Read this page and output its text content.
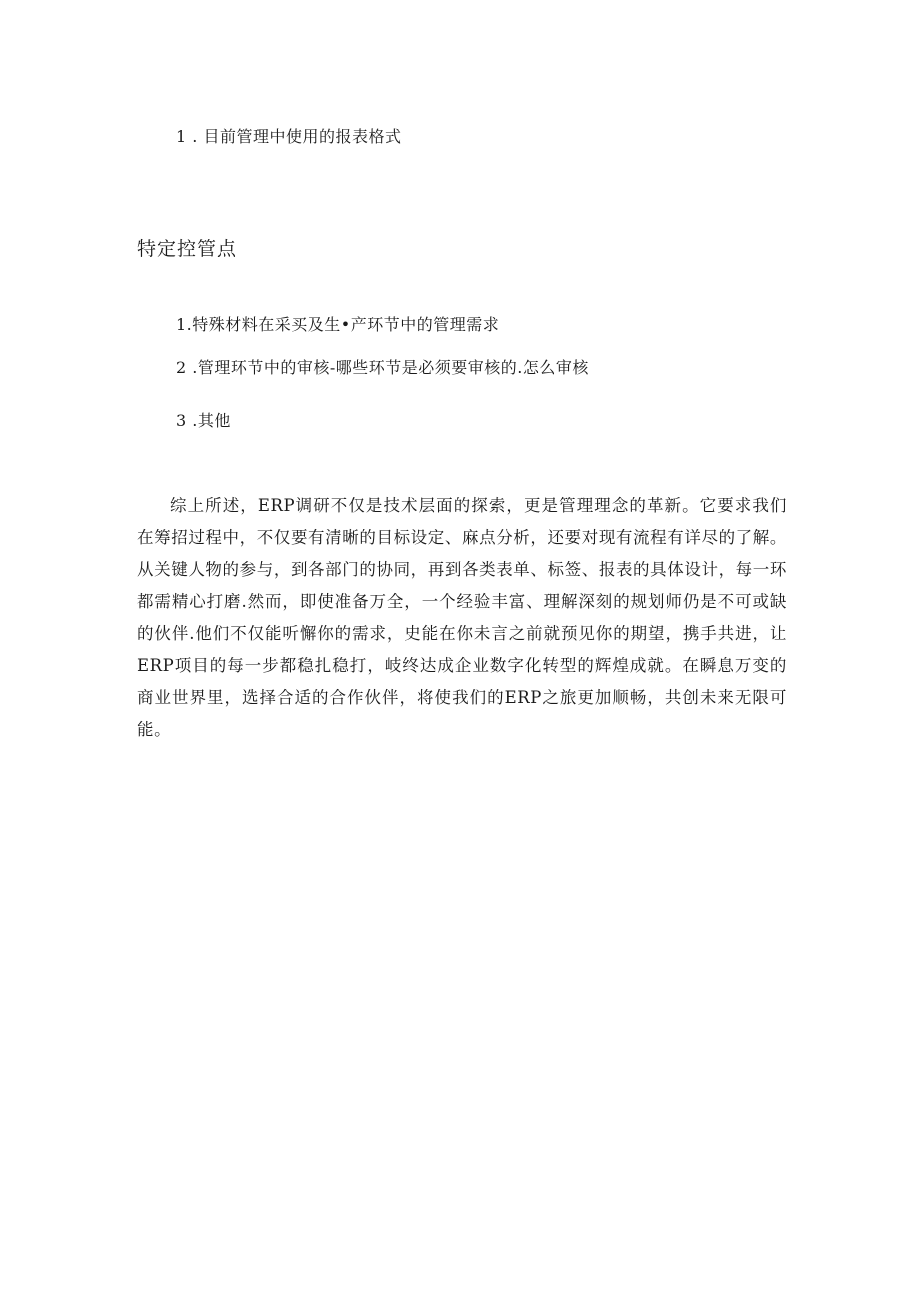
1 . 目前管理中使用的报表格式
特定控管点
1.特殊材料在采买及生•产环节中的管理需求
2 .管理环节中的审核-哪些环节是必须要审核的.怎么审核
3 .其他
综上所述，ERP调研不仅是技术层面的探索，更是管理理念的革新。它要求我们在筹招过程中，不仅要有清晰的目标设定、麻点分析，还要对现有流程有详尽的了解。从关键人物的参与，到各部门的协同，再到各类表单、标签、报表的具体设计，每一环都需精心打磨.然而，即使准备万全，一个经验丰富、理解深刻的规划师仍是不可或缺的伙伴.他们不仅能听懈你的需求，史能在你未言之前就预见你的期望，携手共进，让ERP项目的每一步都稳扎稳打，岐终达成企业数字化转型的辉煌成就。在瞬息万变的商业世界里，选择合适的合作伙伴，将使我们的ERP之旅更加顺畅，共创未来无限可能。
